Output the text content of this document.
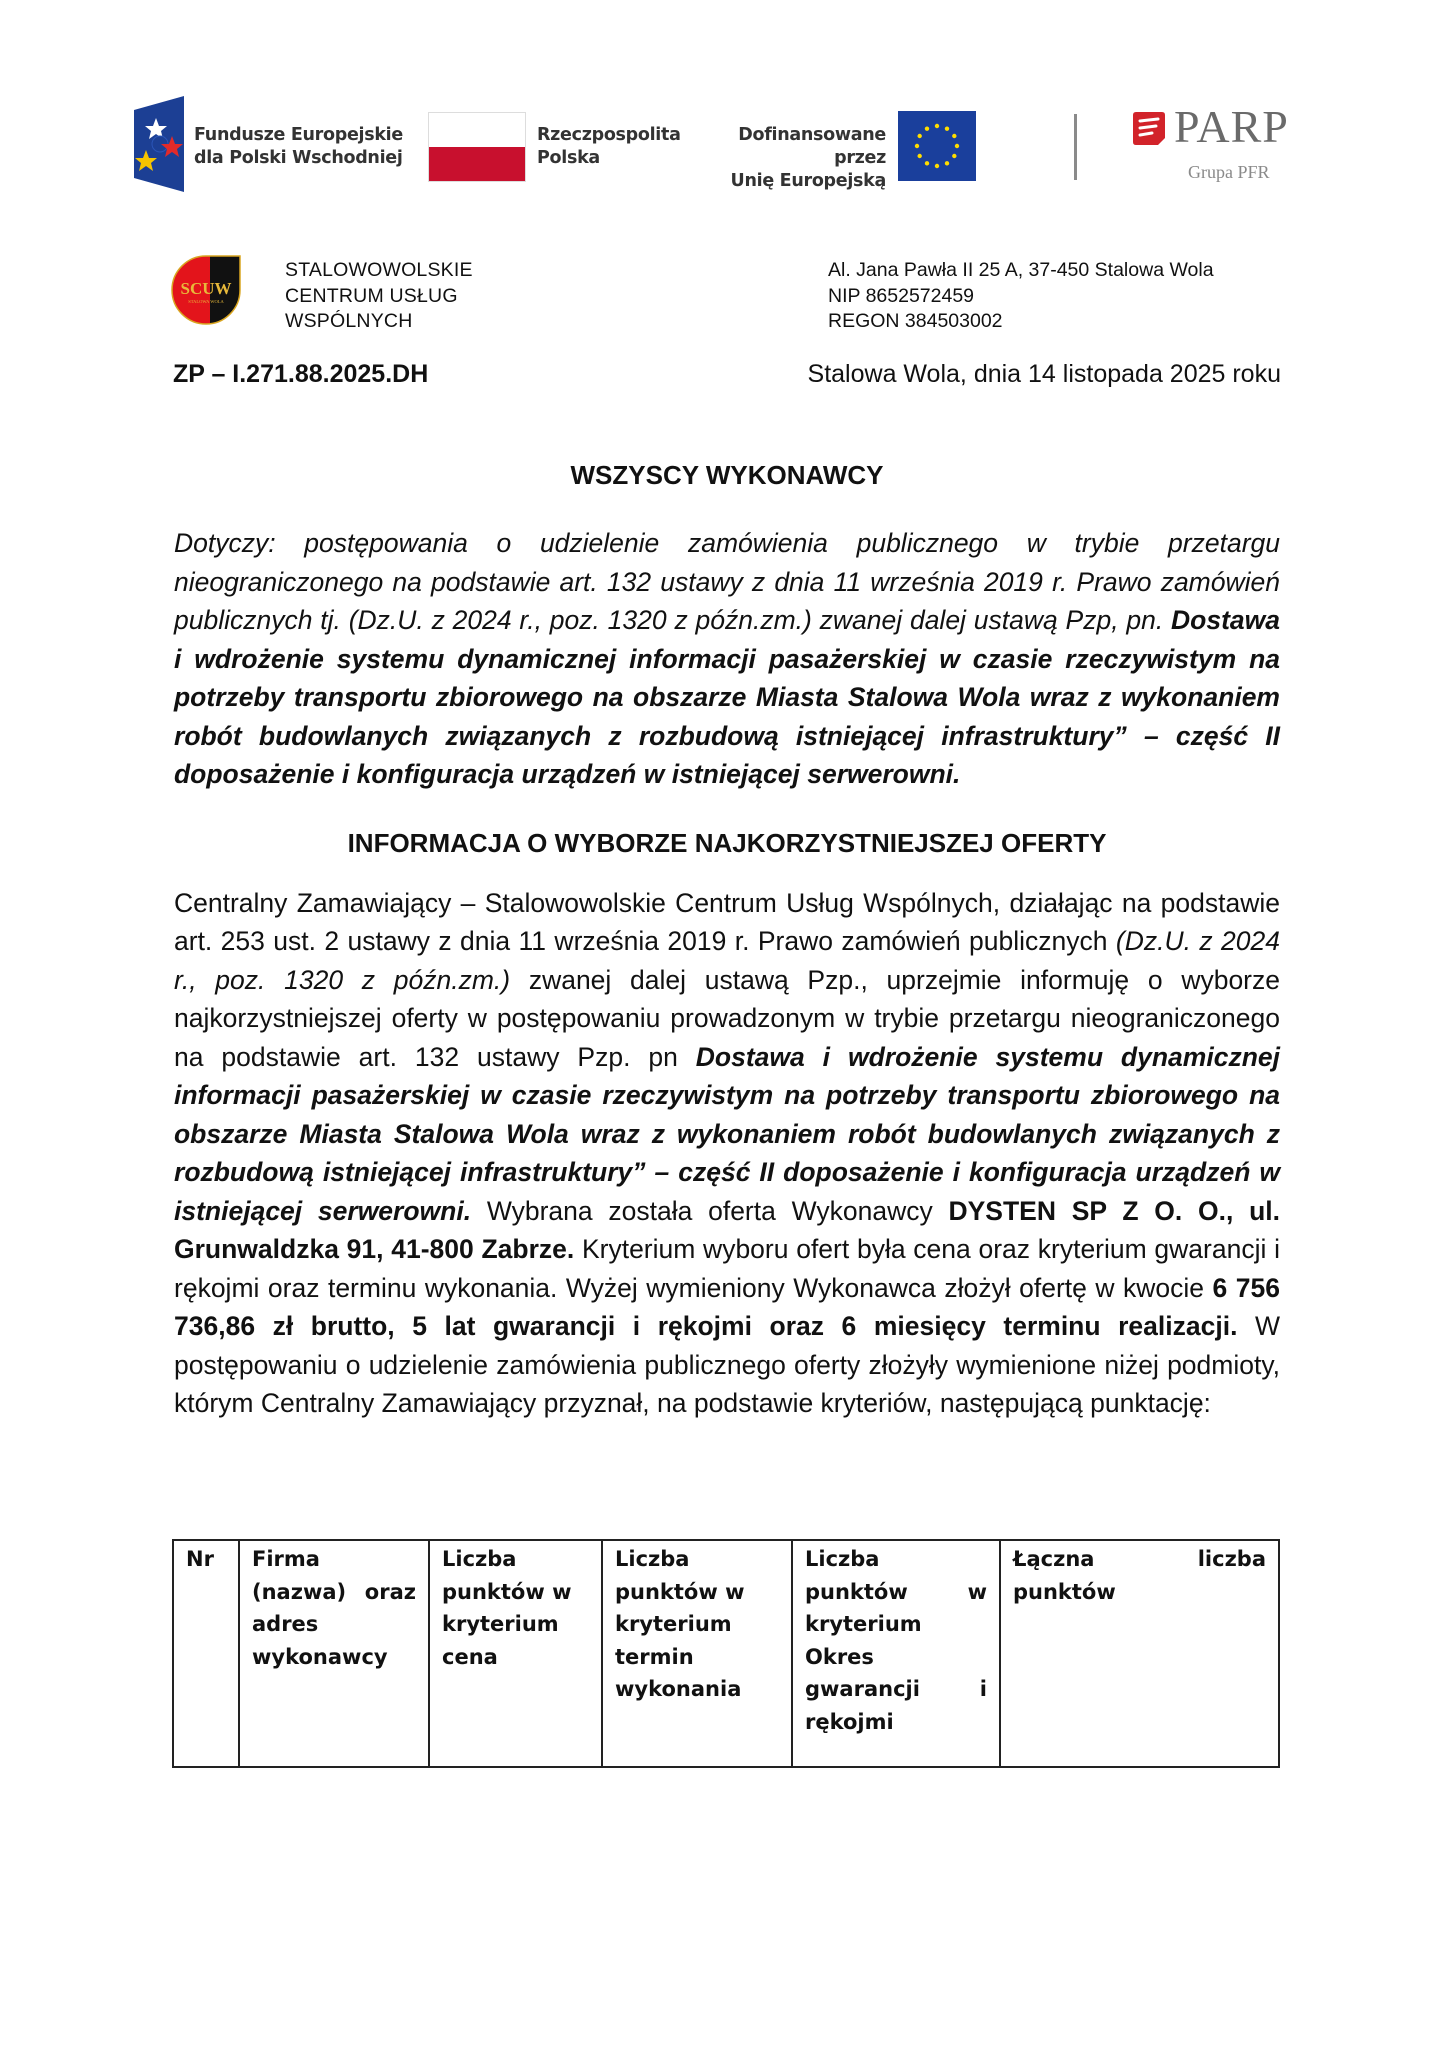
Fundusze Europejskie
dla Polski Wschodniej
Rzeczpospolita
Polska
Dofinansowane przez
Unię Europejską
PARP
Grupa PFR
SCUW
STALOWA WOLA
STALOWOWOLSKIE
CENTRUM USŁUG
WSPÓLNYCH
Al. Jana Pawła II 25 A, 37-450 Stalowa Wola
NIP 8652572459
REGON 384503002
ZP – I.271.88.2025.DH	Stalowa Wola, dnia 14 listopada 2025 roku
WSZYSCY WYKONAWCY

Dotyczy: postępowania o udzielenie zamówienia publicznego w trybie przetargu nieograniczonego na podstawie art. 132 ustawy z dnia 11 września 2019 r. Prawo zamówień publicznych tj. (Dz.U. z 2024 r., poz. 1320 z późn.zm.) zwanej dalej ustawą Pzp, pn. Dostawa i wdrożenie systemu dynamicznej informacji pasażerskiej w czasie rzeczywistym na potrzeby transportu zbiorowego na obszarze Miasta Stalowa Wola wraz z wykonaniem robót budowlanych związanych z rozbudową istniejącej infrastruktury” – część II doposażenie i konfiguracja urządzeń w istniejącej serwerowni.

INFORMACJA O WYBORZE NAJKORZYSTNIEJSZEJ OFERTY

Centralny Zamawiający – Stalowowolskie Centrum Usług Wspólnych, działając na podstawie art. 253 ust. 2 ustawy z dnia 11 września 2019 r. Prawo zamówień publicznych (Dz.U. z 2024 r., poz. 1320 z późn.zm.) zwanej dalej ustawą Pzp., uprzejmie informuję o wyborze najkorzystniejszej oferty w postępowaniu prowadzonym w trybie przetargu nieograniczonego na podstawie art. 132 ustawy Pzp. pn Dostawa i wdrożenie systemu dynamicznej informacji pasażerskiej w czasie rzeczywistym na potrzeby transportu zbiorowego na obszarze Miasta Stalowa Wola wraz z wykonaniem robót budowlanych związanych z rozbudową istniejącej infrastruktury” – część II doposażenie i konfiguracja urządzeń w istniejącej serwerowni. Wybrana została oferta Wykonawcy DYSTEN SP Z O. O., ul. Grunwaldzka 91, 41-800 Zabrze. Kryterium wyboru ofert była cena oraz kryterium gwarancji i rękojmi oraz terminu wykonania. Wyżej wymieniony Wykonawca złożył ofertę w kwocie 6 756 736,86 zł brutto, 5 lat gwarancji i rękojmi oraz 6 miesięcy terminu realizacji. W postępowaniu o udzielenie zamówienia publicznego oferty złożyły wymienione niżej podmioty, którym Centralny Zamawiający przyznał, na podstawie kryteriów, następującą punktację:

Nr	Firma (nazwa) oraz adres wykonawcy	Liczba punktów w kryterium cena	Liczba punktów w kryterium termin wykonania	Liczba punktów w kryterium Okres gwarancji i rękojmi	Łączna liczba punktów
